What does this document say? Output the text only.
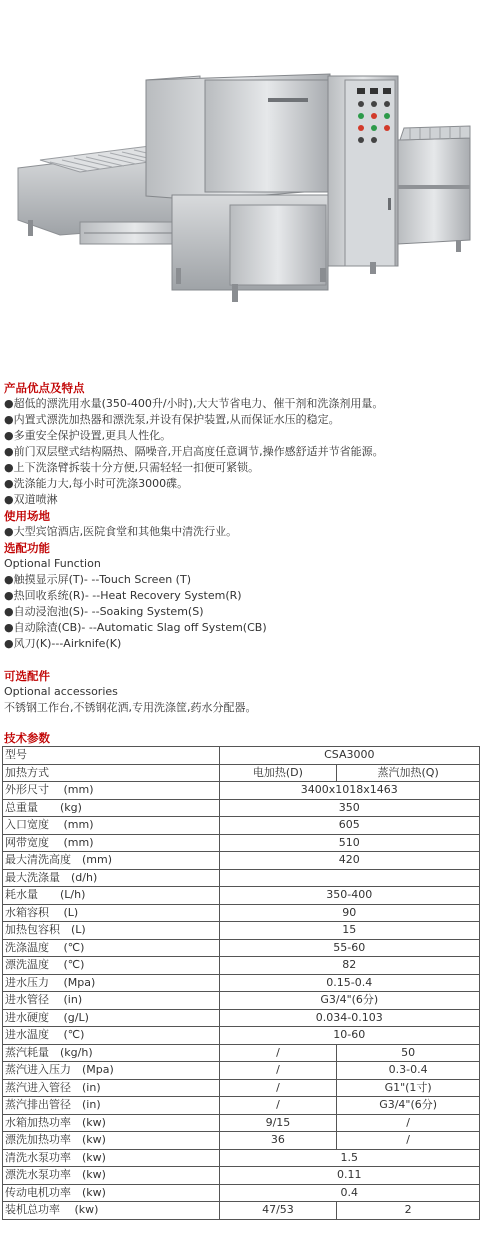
产品优点及特点
●超低的漂洗用水量(350-400升/小时),大大节省电力、催干剂和洗涤剂用量。
●内置式漂洗加热器和漂洗泵,并设有保护装置,从而保证水压的稳定。
●多重安全保护设置,更具人性化。
●前门双层壁式结构隔热、隔噪音,开启高度任意调节,操作感舒适并节省能源。
●上下洗涤臂拆装十分方便,只需轻轻一扣便可紧锁。
●洗涤能力大,每小时可洗涤3000碟。
●双道喷淋
使用场地
●大型宾馆酒店,医院食堂和其他集中清洗行业。
选配功能
Optional Function
●触摸显示屏(T)- --Touch Screen (T)
●热回收系统(R)- --Heat Recovery System(R)
●自动浸泡池(S)- --Soaking System(S)
●自动除渣(CB)- --Automatic Slag off System(CB)
●风刀(K)---Airknife(K)
可选配件
Optional accessories
不锈钢工作台,不锈钢花洒,专用洗涤筐,药水分配器。
技术参数
型号	CSA3000	
加热方式	电加热(D)	蒸汽加热(Q)
外形尺寸　 (mm)	3400x1018x1463	
总重量　　(kg)	350	
入口宽度　 (mm)	605	
网带宽度　 (mm)	510	
最大清洗高度　(mm)	420	
最大洗涤量　(d/h)		
耗水量　　(L/h)	350-400	
水箱容积　 (L)	90	
加热包容积　(L)	15	
洗涤温度　 (℃)	55-60	
漂洗温度　 (℃)	82	
进水压力　 (Mpa)	0.15-0.4	
进水管径　 (in)	G3/4"(6分)	
进水硬度　 (g/L)	0.034-0.103	
进水温度　 (℃)	10-60	
蒸汽耗量　(kg/h)	/	50
蒸汽进入压力　(Mpa)	/	0.3-0.4
蒸汽进入管径　(in)	/	G1"(1寸)
蒸汽排出管径　(in)	/	G3/4"(6分)
水箱加热功率　(kw)	9/15	/
漂洗加热功率　(kw)	36	/
清洗水泵功率　(kw)	1.5	
漂洗水泵功率　(kw)	0.11	
传动电机功率　(kw)	0.4	
装机总功率　 (kw)	47/53	2
